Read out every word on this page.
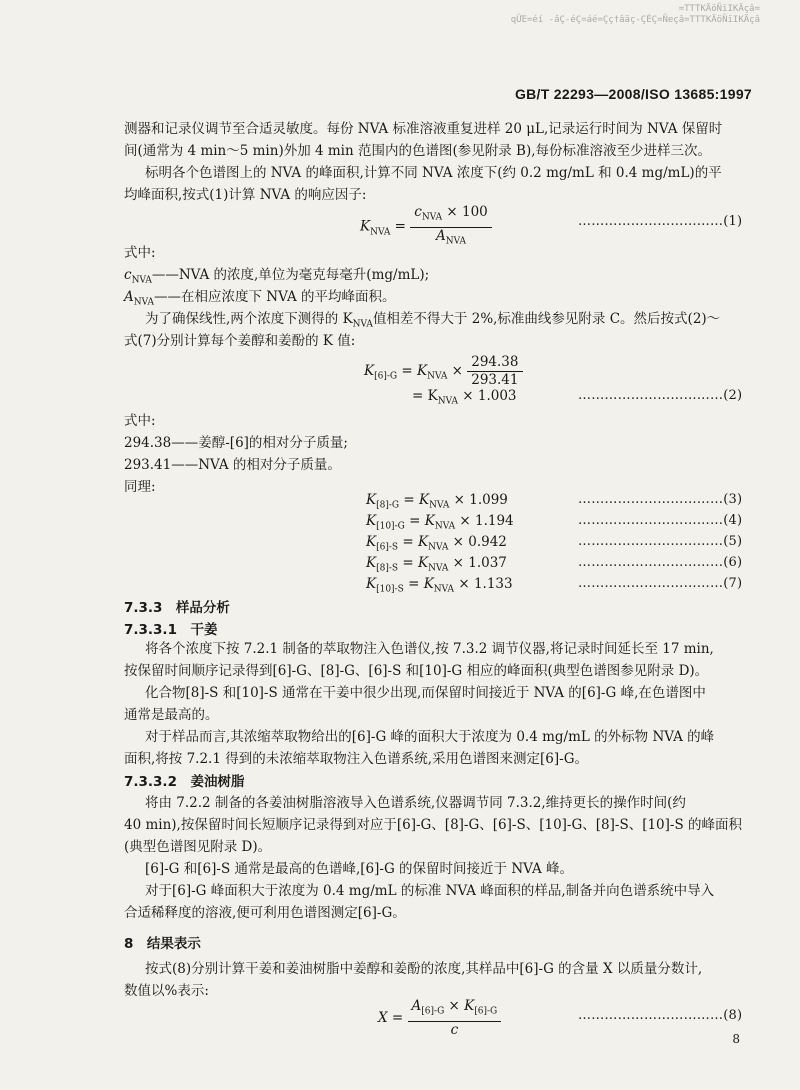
=ΤΤΤΚÄöÑïΙΚÄçâ=
qÜΈ=éí -âÇ-éÇ=áé=Çç†âäç-ÇÉÇ=Ñeçâ=ΤΤΤΚÄöÑïΙΚÄçâ
GB/T 22293—2008/ISO 13685:1997
测器和记录仪调节至合适灵敏度。每份 NVA 标准溶液重复进样 20 μL,记录运行时间为 NVA 保留时
间(通常为 4 min～5 min)外加 4 min 范围内的色谱图(参见附录 B),每份标准溶液至少进样三次。
标明各个色谱图上的 NVA 的峰面积,计算不同 NVA 浓度下(约 0.2 mg/mL 和 0.4 mg/mL)的平
均峰面积,按式(1)计算 NVA 的响应因子:
$K_{NVA} = \frac{c_{NVA} \times 100}{A_{NVA}}$	……………………………(1)
式中:
$c_{NVA}——NVA$ 的浓度,单位为毫克每毫升(mg/mL);
$A_{NVA}——$在相应浓度下 NVA 的平均峰面积。
为了确保线性,两个浓度下测得的 $K_{NVA}$值相差不得大于 2%,标准曲线参见附录 C。然后按式(2)～
式(7)分别计算每个姜醇和姜酚的 K 值:
$K_{[6]-G} = K_{NVA} \times \frac{294.38}{293.41}$
= $K_{NVA} \times 1.003$	……………………………(2)
式中:
294.38——姜醇-[6]的相对分子质量;
293.41——NVA 的相对分子质量。
同理:
$K_{[8]-G} = K_{NVA} \times 1.099$	……………………………(3)
$K_{[10]-G} = K_{NVA} \times 1.194$	……………………………(4)
$K_{[6]-S} = K_{NVA} \times 0.942$	……………………………(5)
$K_{[8]-S} = K_{NVA} \times 1.037$	……………………………(6)
$K_{[10]-S} = K_{NVA} \times 1.133$	……………………………(7)
7.3.3　样品分析
7.3.3.1　干姜
将各个浓度下按 7.2.1 制备的萃取物注入色谱仪,按 7.3.2 调节仪器,将记录时间延长至 17 min,
按保留时间顺序记录得到[6]-G、[8]-G、[6]-S 和[10]-G 相应的峰面积(典型色谱图参见附录 D)。
化合物[8]-S 和[10]-S 通常在干姜中很少出现,而保留时间接近于 NVA 的[6]-G 峰,在色谱图中
通常是最高的。
对于样品而言,其浓缩萃取物给出的[6]-G 峰的面积大于浓度为 0.4 mg/mL 的外标物 NVA 的峰
面积,将按 7.2.1 得到的未浓缩萃取物注入色谱系统,采用色谱图来测定[6]-G。
7.3.3.2　姜油树脂
将由 7.2.2 制备的各姜油树脂溶液导入色谱系统,仪器调节同 7.3.2,维持更长的操作时间(约
40 min),按保留时间长短顺序记录得到对应于[6]-G、[8]-G、[6]-S、[10]-G、[8]-S、[10]-S 的峰面积
(典型色谱图见附录 D)。
[6]-G 和[6]-S 通常是最高的色谱峰,[6]-G 的保留时间接近于 NVA 峰。
对于[6]-G 峰面积大于浓度为 0.4 mg/mL 的标准 NVA 峰面积的样品,制备并向色谱系统中导入
合适稀释度的溶液,便可利用色谱图测定[6]-G。
8　结果表示
按式(8)分别计算干姜和姜油树脂中姜醇和姜酚的浓度,其样品中[6]-G 的含量 X 以质量分数计,
数值以%表示:
$X = \frac{A_{[6]-G} \times K_{[6]-G}}{c}$	……………………………(8)
8
